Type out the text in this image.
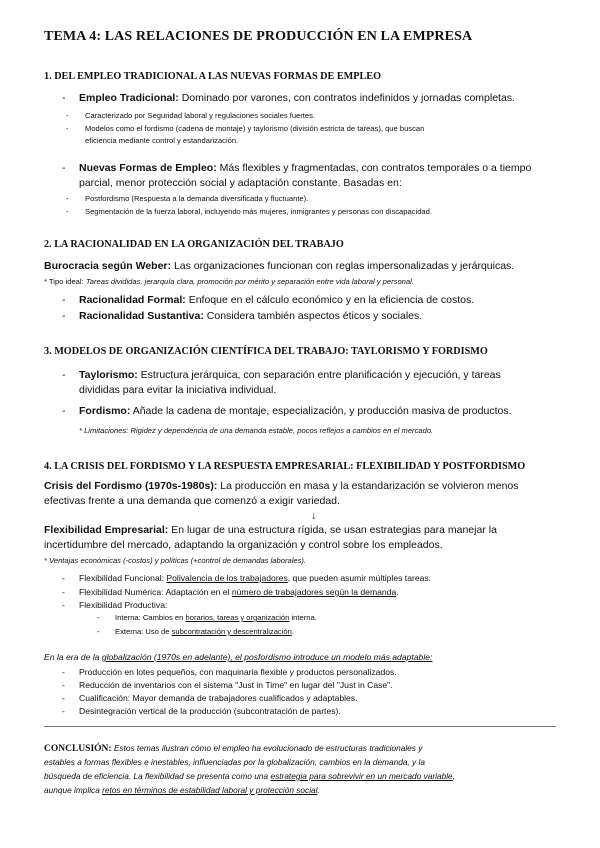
TEMA 4: LAS RELACIONES DE PRODUCCIÓN EN LA EMPRESA
1. DEL EMPLEO TRADICIONAL A LAS NUEVAS FORMAS DE EMPLEO
- Empleo Tradicional: Dominado por varones, con contratos indefinidos y jornadas completas.
- Caracterizado por Seguridad laboral y regulaciones sociales fuertes.
- Modelos como el fordismo (cadena de montaje) y taylorismo (división estricta de tareas), que buscan
eficiencia mediante control y estandarización.
- Nuevas Formas de Empleo: Más flexibles y fragmentadas, con contratos temporales o a tiempo
parcial, menor protección social y adaptación constante. Basadas en:
- Postfordismo (Respuesta a la demanda diversificada y fluctuante).
- Segmentación de la fuerza laboral, incluyendo más mujeres, inmigrantes y personas con discapacidad.
2. LA RACIONALIDAD EN LA ORGANIZACIÓN DEL TRABAJO
Burocracia según Weber: Las organizaciones funcionan con reglas impersonalizadas y jerárquicas.
* Tipo ideal: Tareas divididas, jerarquía clara, promoción por mérito y separación entre vida laboral y personal.
- Racionalidad Formal: Enfoque en el cálculo económico y en la eficiencia de costos.
- Racionalidad Sustantiva: Considera también aspectos éticos y sociales.
3. MODELOS DE ORGANIZACIÓN CIENTÍFICA DEL TRABAJO: TAYLORISMO Y FORDISMO
- Taylorismo: Estructura jerárquica, con separación entre planificación y ejecución, y tareas
divididas para evitar la iniciativa individual.
- Fordismo: Añade la cadena de montaje, especialización, y producción masiva de productos.
* Limitaciones: Rigidez y dependencia de una demanda estable, pocos reflejos a cambios en el mercado.
4. LA CRISIS DEL FORDISMO Y LA RESPUESTA EMPRESARIAL: FLEXIBILIDAD Y POSTFORDISMO
Crisis del Fordismo (1970s-1980s): La producción en masa y la estandarización se volvieron menos
efectivas frente a una demanda que comenzó a exigir variedad.
↓
Flexibilidad Empresarial: En lugar de una estructura rígida, se usan estrategias para manejar la
incertidumbre del mercado, adaptando la organización y control sobre los empleados.
* Ventajas económicas (-costos) y políticas (+control de demandas laborales).
- Flexibilidad Funcional: Polivalencia de los trabajadores, que pueden asumir múltiples tareas.
- Flexibilidad Numérica: Adaptación en el número de trabajadores según la demanda.
- Flexibilidad Productiva:
- Interna: Cambios en horarios, tareas y organización interna.
- Externa: Uso de subcontratación y descentralización.
En la era de la globalización (1970s en adelante), el posfordismo introduce un modelo más adaptable:
- Producción en lotes pequeños, con maquinaria flexible y productos personalizados.
- Reducción de inventarios con el sistema "Just in Time" en lugar del "Just in Case".
- Cualificación: Mayor demanda de trabajadores cualificados y adaptables.
- Desintegración vertical de la producción (subcontratación de partes).
CONCLUSIÓN: Estos temas ilustran cómo el empleo ha evolucionado de estructuras tradicionales y
estables a formas flexibles e inestables, influenciadas por la globalización, cambios en la demanda, y la
búsqueda de eficiencia. La flexibilidad se presenta como una estrategia para sobrevivir en un mercado variable,
aunque implica retos en términos de estabilidad laboral y protección social.
